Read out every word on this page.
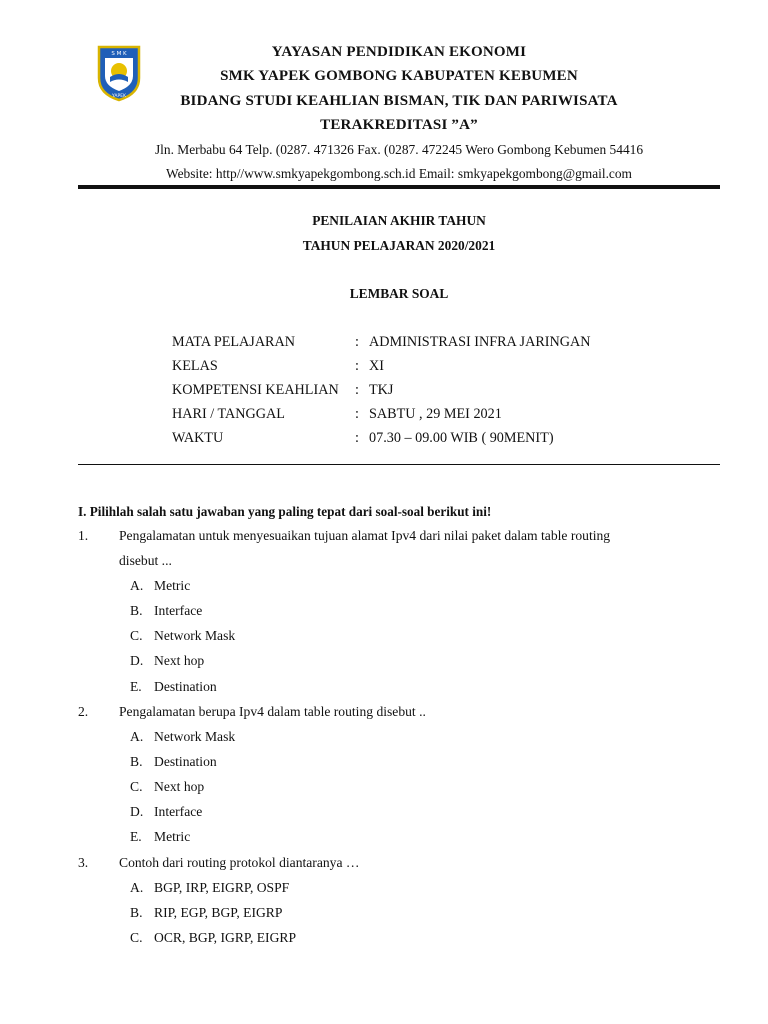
S M K
YAPEK
YAYASAN PENDIDIKAN EKONOMI
SMK YAPEK GOMBONG KABUPATEN KEBUMEN
BIDANG STUDI KEAHLIAN BISMAN, TIK DAN PARIWISATA
TERAKREDITASI ”A”
Jln. Merbabu 64 Telp. (0287. 471326 Fax. (0287. 472245 Wero Gombong Kebumen 54416
Website: http//www.smkyapekgombong.sch.id Email: smkyapekgombong@gmail.com
PENILAIAN AKHIR TAHUN
TAHUN PELAJARAN 2020/2021
LEMBAR SOAL
MATA PELAJARAN	: ADMINISTRASI INFRA JARINGAN
KELAS	: XI
KOMPETENSI KEAHLIAN : TKJ
HARI / TANGGAL	: SABTU , 29 MEI 2021
WAKTU	: 07.30 – 09.00 WIB ( 90MENIT)
I. Pilihlah salah satu jawaban yang paling tepat dari soal-soal berikut ini!
1. Pengalamatan untuk menyesuaikan tujuan alamat Ipv4 dari nilai paket dalam table routing
disebut ...
A. Metric
B. Interface
C. Network Mask
D. Next hop
E. Destination
2. Pengalamatan berupa Ipv4 dalam table routing disebut ..
A. Network Mask
B. Destination
C. Next hop
D. Interface
E. Metric
3. Contoh dari routing protokol diantaranya …
A. BGP, IRP, EIGRP, OSPF
B. RIP, EGP, BGP, EIGRP
C. OCR, BGP, IGRP, EIGRP
